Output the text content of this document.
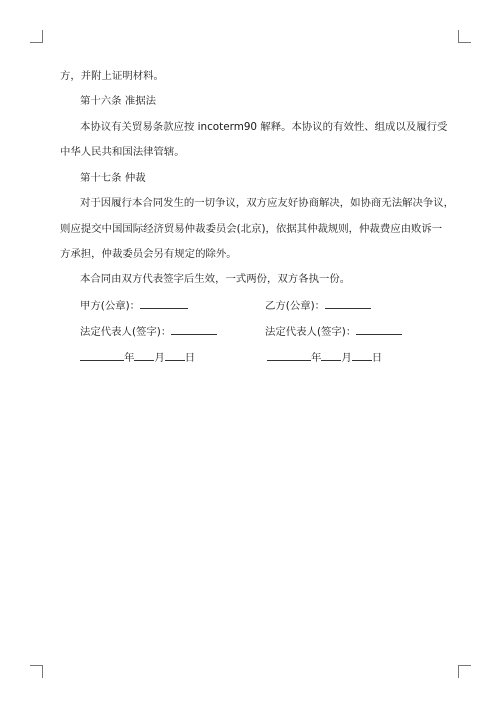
方，并附上证明材料。
第十六条 准据法
本协议有关贸易条款应按 incoterm90 解释。本协议的有效性、组成以及履行受
中华人民共和国法律管辖。
第十七条 仲裁
对于因履行本合同发生的一切争议，双方应友好协商解决，如协商无法解决争议，
则应提交中国国际经济贸易仲裁委员会(北京)，依据其仲裁规则，仲裁费应由败诉一
方承担，仲裁委员会另有规定的除外。
本合同由双方代表签字后生效，一式两份，双方各执一份。
甲方(公章)：	乙方(公章)：
法定代表人(签字)：	法定代表人(签字)：
年 月 日	年 月 日
